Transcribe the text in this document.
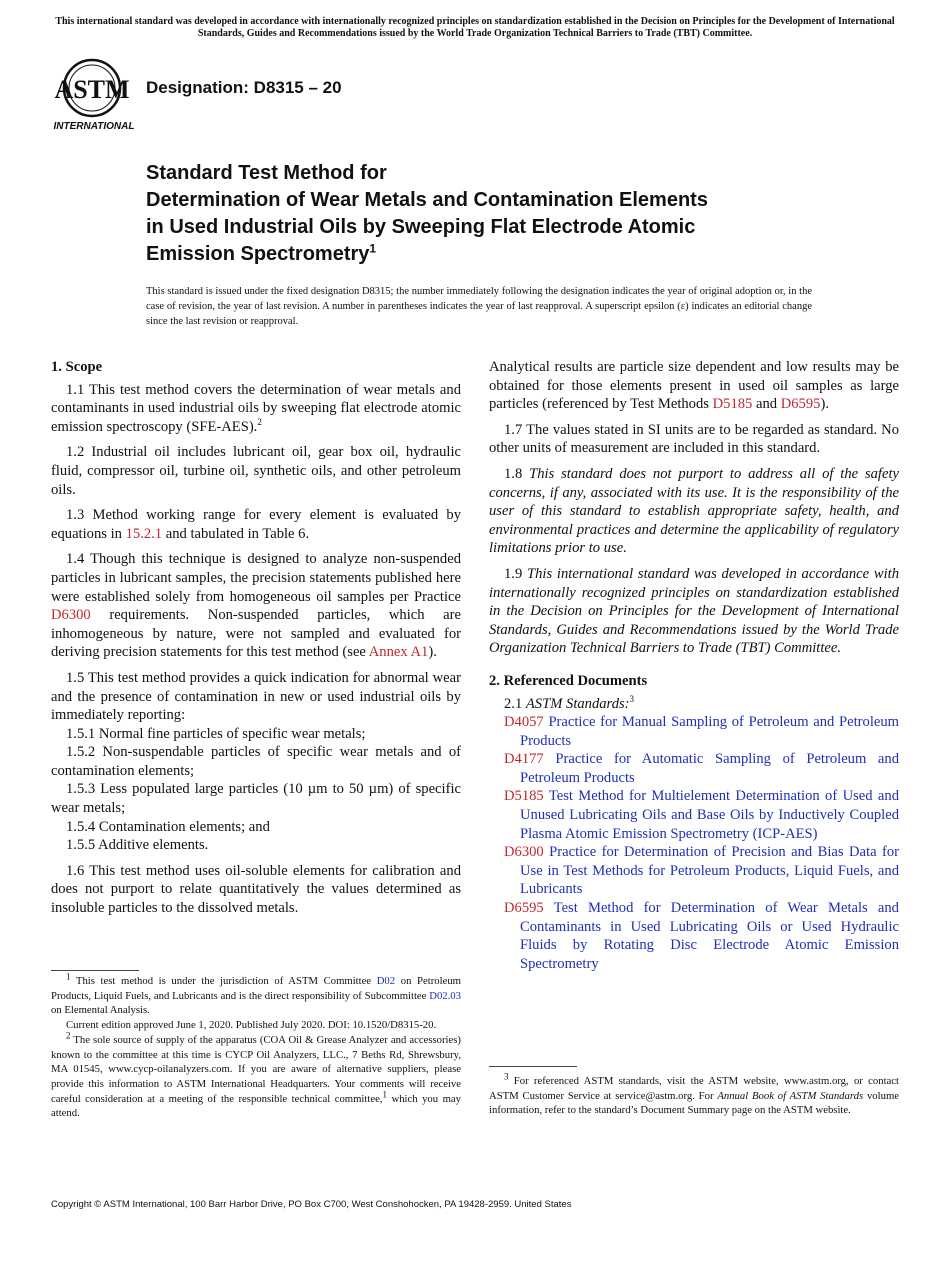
This international standard was developed in accordance with internationally recognized principles on standardization established in the Decision on Principles for the Development of International Standards, Guides and Recommendations issued by the World Trade Organization Technical Barriers to Trade (TBT) Committee.
ASTM
INTERNATIONAL
Designation: D8315 – 20
Standard Test Method for
Determination of Wear Metals and Contamination Elements
in Used Industrial Oils by Sweeping Flat Electrode Atomic
Emission Spectrometry$^1$
This standard is issued under the fixed designation D8315; the number immediately following the designation indicates the year of original adoption or, in the case of revision, the year of last revision. A number in parentheses indicates the year of last reapproval. A superscript epsilon (ε) indicates an editorial change since the last revision or reapproval.
1. Scope

1.1 This test method covers the determination of wear metals and contaminants in used industrial oils by sweeping flat electrode atomic emission spectroscopy (SFE-AES).$^2$

1.2 Industrial oil includes lubricant oil, gear box oil, hydraulic fluid, compressor oil, turbine oil, synthetic oils, and other petroleum oils.

1.3 Method working range for every element is evaluated by equations in 15.2.1 and tabulated in Table 6.

1.4 Though this technique is designed to analyze non-suspended particles in lubricant samples, the precision statements published here were established solely from homogeneous oil samples per Practice D6300 requirements. Non-suspended particles, which are inhomogeneous by nature, were not sampled and evaluated for deriving precision statements for this test method (see Annex A1).

1.5 This test method provides a quick indication for abnormal wear and the presence of contamination in new or used industrial oils by immediately reporting:

1.5.1 Normal fine particles of specific wear metals;

1.5.2 Non-suspendable particles of specific wear metals and of contamination elements;

1.5.3 Less populated large particles (10 µm to 50 µm) of specific wear metals;

1.5.4 Contamination elements; and

1.5.5 Additive elements.

1.6 This test method uses oil-soluble elements for calibration and does not purport to relate quantitatively the values determined as insoluble particles to the dissolved metals.

$^1$ This test method is under the jurisdiction of ASTM Committee D02 on Petroleum Products, Liquid Fuels, and Lubricants and is the direct responsibility of Subcommittee D02.03 on Elemental Analysis.

Current edition approved June 1, 2020. Published July 2020. DOI: 10.1520/D8315-20.

$^2$ The sole source of supply of the apparatus (COA Oil & Grease Analyzer and accessories) known to the committee at this time is CYCP Oil Analyzers, LLC., 7 Beths Rd, Shrewsbury, MA 01545, www.cycp-oilanalyzers.com. If you are aware of alternative suppliers, please provide this information to ASTM International Headquarters. Your comments will receive careful consideration at a meeting of the responsible technical committee,$^1$ which you may attend.

Analytical results are particle size dependent and low results may be obtained for those elements present in used oil samples as large particles (referenced by Test Methods D5185 and D6595).

1.7 The values stated in SI units are to be regarded as standard. No other units of measurement are included in this standard.

1.8 This standard does not purport to address all of the safety concerns, if any, associated with its use. It is the responsibility of the user of this standard to establish appropriate safety, health, and environmental practices and determine the applicability of regulatory limitations prior to use.

1.9 This international standard was developed in accordance with internationally recognized principles on standardization established in the Decision on Principles for the Development of International Standards, Guides and Recommendations issued by the World Trade Organization Technical Barriers to Trade (TBT) Committee.

2. Referenced Documents

2.1 ASTM Standards:$^3$

D4057 Practice for Manual Sampling of Petroleum and Petroleum Products
D4177 Practice for Automatic Sampling of Petroleum and Petroleum Products
D5185 Test Method for Multielement Determination of Used and Unused Lubricating Oils and Base Oils by Inductively Coupled Plasma Atomic Emission Spectrometry (ICP-AES)
D6300 Practice for Determination of Precision and Bias Data for Use in Test Methods for Petroleum Products, Liquid Fuels, and Lubricants
D6595 Test Method for Determination of Wear Metals and Contaminants in Used Lubricating Oils or Used Hydraulic Fluids by Rotating Disc Electrode Atomic Emission Spectrometry

$^3$ For referenced ASTM standards, visit the ASTM website, www.astm.org, or contact ASTM Customer Service at service@astm.org. For Annual Book of ASTM Standards volume information, refer to the standard’s Document Summary page on the ASTM website.

Copyright © ASTM International, 100 Barr Harbor Drive, PO Box C700, West Conshohocken, PA 19428-2959. United States
